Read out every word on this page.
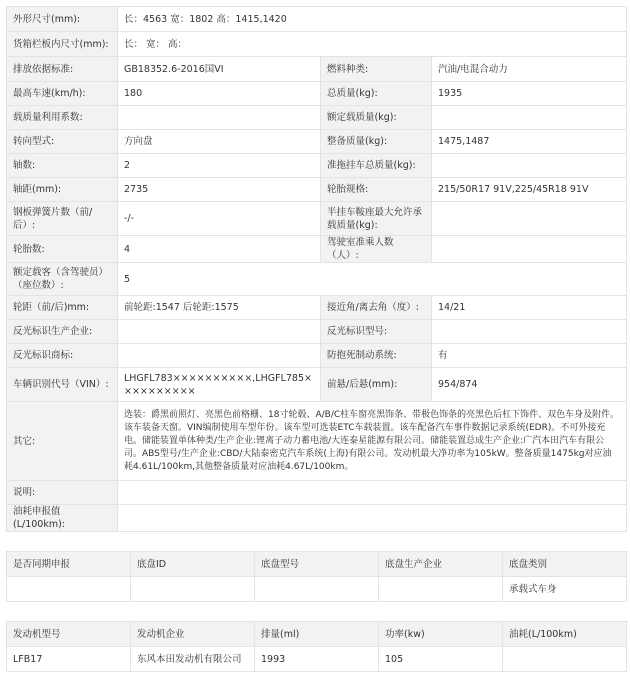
外形尺寸(mm):	长：4563 宽：1802 高：1415,1420		
货箱栏板内尺寸(mm):	长： 宽： 高：		
排放依据标准:	GB18352.6-2016国VI	燃料种类:	汽油/电混合动力
最高车速(km/h):	180	总质量(kg):	1935
载质量利用系数:		额定载质量(kg):	
转向型式:	方向盘	整备质量(kg):	1475,1487
轴数:	2	准拖挂车总质量(kg):	
轴距(mm):	2735	轮胎规格:	215/50R17 91V,225/45R18 91V
钢板弹簧片数（前/后）:	-/-	半挂车鞍座最大允许承载质量(kg):	
轮胎数:	4	驾驶室准乘人数（人）:	
额定载客（含驾驶员）（座位数）:	5		
轮距（前/后)mm:	前轮距:1547 后轮距:1575	接近角/离去角（度）:	14/21
反光标识生产企业:		反光标识型号:	
反光标识商标:		防抱死制动系统:	有
车辆识别代号（VIN）:	LHGFL783××××××××××,LHGFL785××××××××××	前悬/后悬(mm):	954/874
其它:	选装：爵黑前照灯、亮黑色前格栅、18寸轮毂、A/B/C柱车窗亮黑饰条、带极色饰条的亮黑色后杠下饰件、双色车身及附件。该车装备天窗。VIN编制使用车型年份。该车型可选装ETC车载装置。该车配备汽车事件数据记录系统(EDR)。不可外接充电。储能装置单体种类/生产企业:锂离子动力蓄电池/大连泰星能源有限公司。储能装置总成生产企业:广汽本田汽车有限公司。ABS型号/生产企业:CBD/大陆泰密克汽车系统(上海)有限公司。发动机最大净功率为105kW。整备质量1475kg对应油耗4.61L/100km,其他整备质量对应油耗4.67L/100km。		
说明:			
油耗申报值(L/100km):			
是否同期申报	底盘ID	底盘型号	底盘生产企业	底盘类别
				承载式车身
发动机型号	发动机企业	排量(ml)	功率(kw)	油耗(L/100km)
LFB17	东风本田发动机有限公司	1993	105	
